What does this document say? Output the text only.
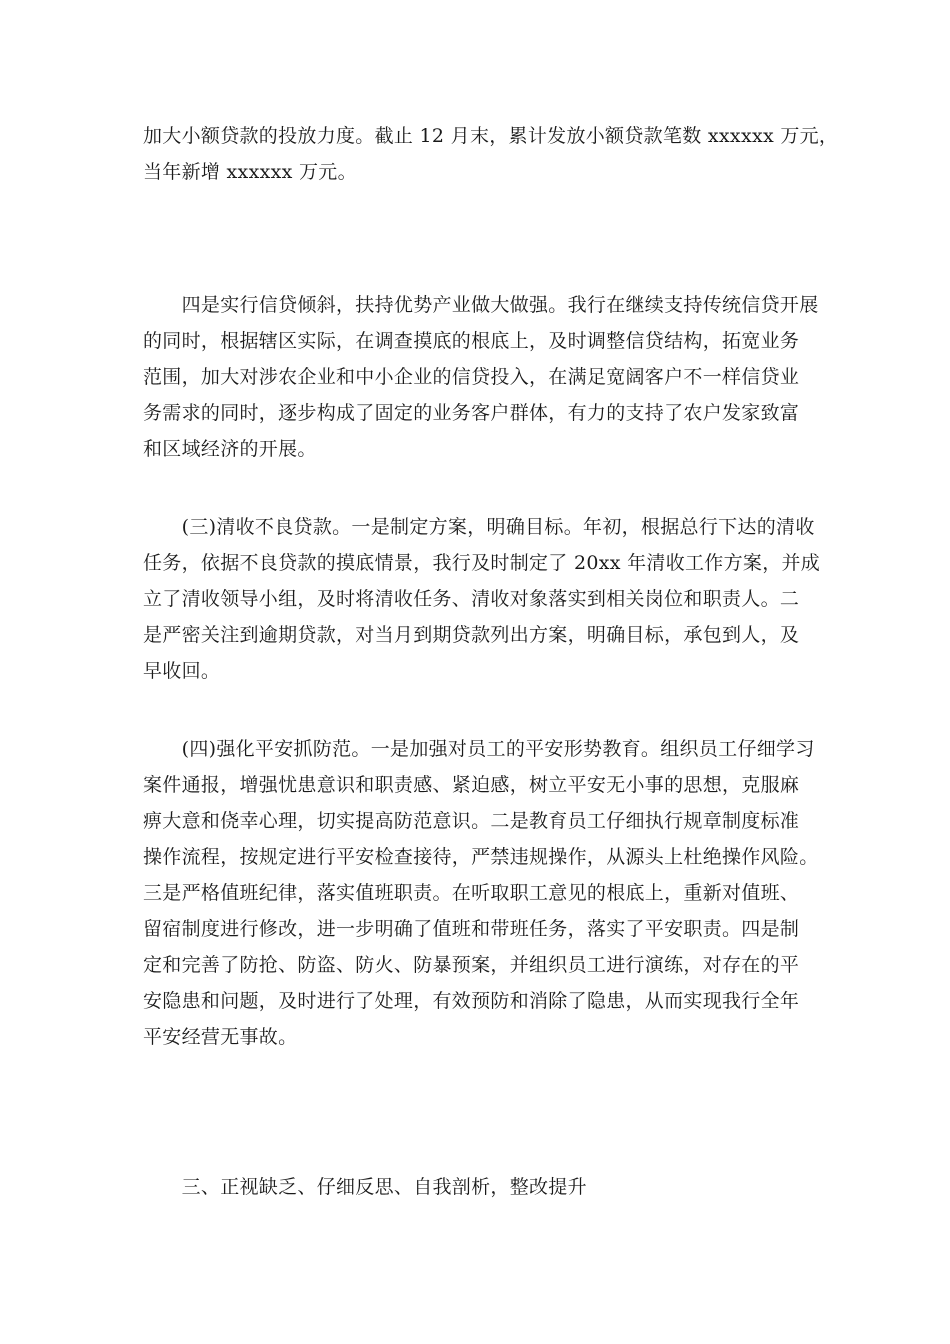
加大小额贷款的投放力度。截止 12 月末，累计发放小额贷款笔数 xxxxxx 万元，
当年新增 xxxxxx 万元。

　　四是实行信贷倾斜，扶持优势产业做大做强。我行在继续支持传统信贷开展
的同时，根据辖区实际，在调查摸底的根底上，及时调整信贷结构，拓宽业务
范围，加大对涉农企业和中小企业的信贷投入，在满足宽阔客户不一样信贷业
务需求的同时，逐步构成了固定的业务客户群体，有力的支持了农户发家致富
和区域经济的开展。

　　(三)清收不良贷款。一是制定方案，明确目标。年初，根据总行下达的清收
任务，依据不良贷款的摸底情景，我行及时制定了 20xx 年清收工作方案，并成
立了清收领导小组，及时将清收任务、清收对象落实到相关岗位和职责人。二
是严密关注到逾期贷款，对当月到期贷款列出方案，明确目标，承包到人，及
早收回。

　　(四)强化平安抓防范。一是加强对员工的平安形势教育。组织员工仔细学习
案件通报，增强忧患意识和职责感、紧迫感，树立平安无小事的思想，克服麻
痹大意和侥幸心理，切实提高防范意识。二是教育员工仔细执行规章制度标准
操作流程，按规定进行平安检查接待，严禁违规操作，从源头上杜绝操作风险。
三是严格值班纪律，落实值班职责。在听取职工意见的根底上，重新对值班、
留宿制度进行修改，进一步明确了值班和带班任务，落实了平安职责。四是制
定和完善了防抢、防盗、防火、防暴预案，并组织员工进行演练，对存在的平
安隐患和问题，及时进行了处理，有效预防和消除了隐患，从而实现我行全年
平安经营无事故。

　　三、正视缺乏、仔细反思、自我剖析，整改提升
